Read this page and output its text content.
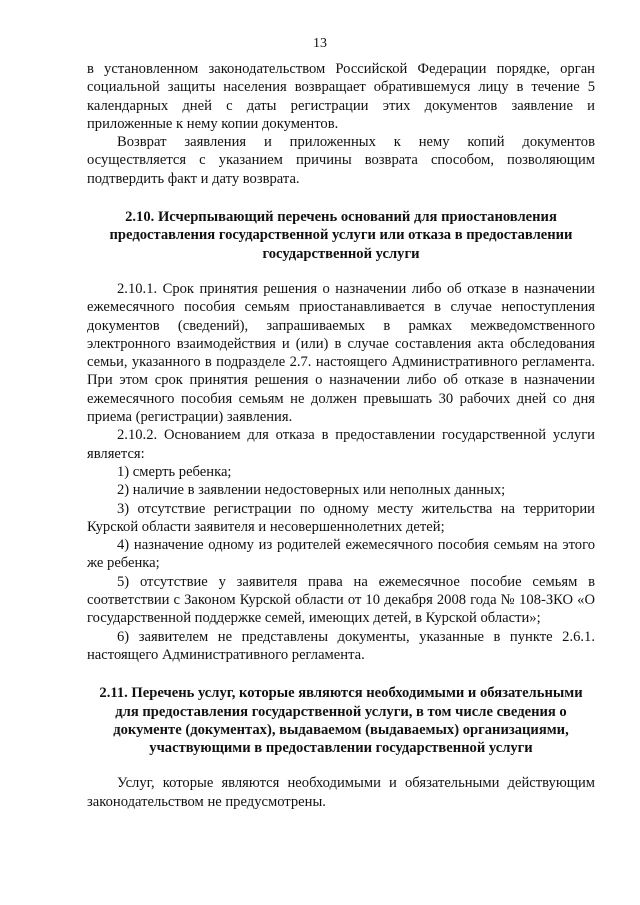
13

в установленном законодательством Российской Федерации порядке, орган социальной защиты населения возвращает обратившемуся лицу в течение 5 календарных дней с даты регистрации этих документов заявление и приложенные к нему копии документов.

Возврат заявления и приложенных к нему копий документов осуществляется с указанием причины возврата способом, позволяющим подтвердить факт и дату возврата.

2.10. Исчерпывающий перечень оснований для приостановления предоставления государственной услуги или отказа в предоставлении государственной услуги

2.10.1. Срок принятия решения о назначении либо об отказе в назначении ежемесячного пособия семьям приостанавливается в случае непоступления документов (сведений), запрашиваемых в рамках межведомственного электронного взаимодействия и (или) в случае составления акта обследования семьи, указанного в подразделе 2.7. настоящего Административного регламента. При этом срок принятия решения о назначении либо об отказе в назначении ежемесячного пособия семьям не должен превышать 30 рабочих дней со дня приема (регистрации) заявления.

2.10.2. Основанием для отказа в предоставлении государственной услуги является:

1) смерть ребенка;

2) наличие в заявлении недостоверных или неполных данных;

3) отсутствие регистрации по одному месту жительства на территории Курской области заявителя и несовершеннолетних детей;

4) назначение одному из родителей ежемесячного пособия семьям на этого же ребенка;

5) отсутствие у заявителя права на ежемесячное пособие семьям в соответствии с Законом Курской области от 10 декабря 2008 года № 108-ЗКО «О государственной поддержке семей, имеющих детей, в Курской области»;

6) заявителем не представлены документы, указанные в пункте 2.6.1. настоящего Административного регламента.

2.11. Перечень услуг, которые являются необходимыми и обязательными для предоставления государственной услуги, в том числе сведения о документе (документах), выдаваемом (выдаваемых) организациями, участвующими в предоставлении государственной услуги

Услуг, которые являются необходимыми и обязательными действующим законодательством не предусмотрены.
